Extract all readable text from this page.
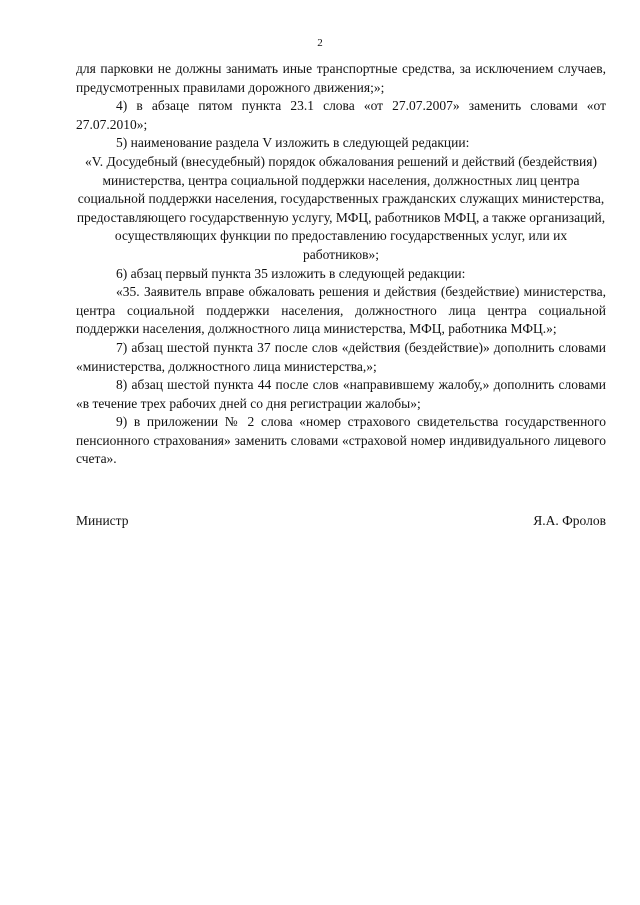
2

для парковки не должны занимать иные транспортные средства, за исключением случаев, предусмотренных правилами дорожного движения;»;

4) в абзаце пятом пункта 23.1 слова «от 27.07.2007» заменить словами «от 27.07.2010»;

5) наименование раздела V изложить в следующей редакции:

«V. Досудебный (внесудебный) порядок обжалования решений и действий (бездействия) министерства, центра социальной поддержки населения, должностных лиц центра социальной поддержки населения, государственных гражданских служащих министерства, предоставляющего государственную услугу, МФЦ, работников МФЦ, а также организаций, осуществляющих функции по предоставлению государственных услуг, или их работников»;

6) абзац первый пункта 35 изложить в следующей редакции:

«35. Заявитель вправе обжаловать решения и действия (бездействие) министерства, центра социальной поддержки населения, должностного лица центра социальной поддержки населения, должностного лица министерства, МФЦ, работника МФЦ.»;

7) абзац шестой пункта 37 после слов «действия (бездействие)» дополнить словами «министерства, должностного лица министерства,»;

8) абзац шестой пункта 44 после слов «направившему жалобу,» дополнить словами «в течение трех рабочих дней со дня регистрации жалобы»;

9) в приложении № 2 слова «номер страхового свидетельства государственного пенсионного страхования» заменить словами «страховой номер индивидуального лицевого счета».

Министр	Я.А. Фролов
